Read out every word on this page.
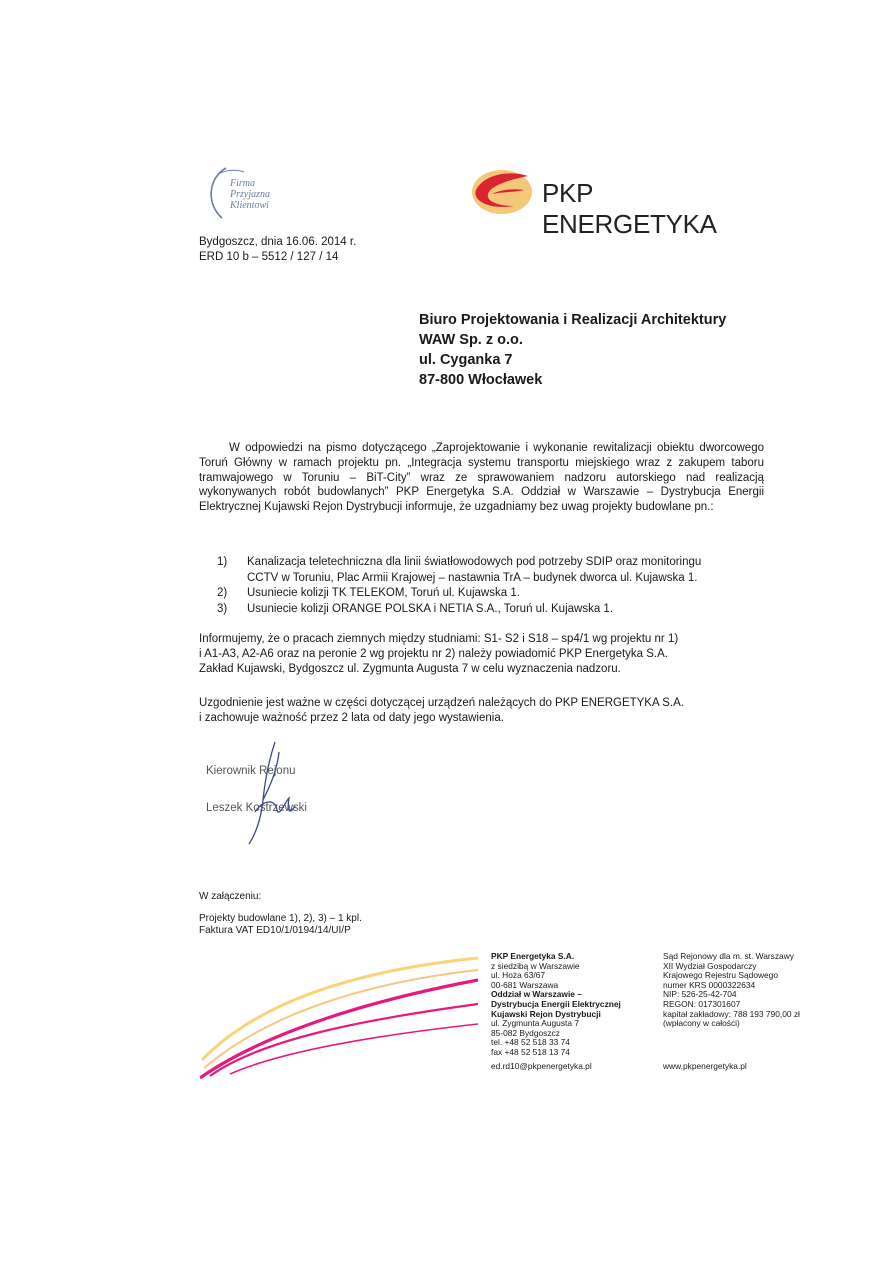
Firma
Przyjazna
Klientowi	PKP ENERGETYKA
Bydgoszcz, dnia 16.06. 2014 r.
ERD 10 b – 5512 / 127 / 14
Biuro Projektowania i Realizacji Architektury
WAW Sp. z o.o.
ul. Cyganka 7
87-800 Włocławek
W odpowiedzi na pismo dotyczącego „Zaprojektowanie i wykonanie rewitalizacji obiektu dworcowego Toruń Główny w ramach projektu pn. „Integracja systemu transportu miejskiego wraz z zakupem taboru tramwajowego w Toruniu – BiT-City” wraz ze sprawowaniem nadzoru autorskiego nad realizacją wykonywanych robót budowlanych” PKP Energetyka S.A. Oddział w Warszawie – Dystrybucja Energii Elektrycznej Kujawski Rejon Dystrybucji informuje, że uzgadniamy bez uwag projekty budowlane pn.:
1) Kanalizacja teletechniczna dla linii światłowodowych pod potrzeby SDIP oraz monitoringu
CCTV w Toruniu, Plac Armii Krajowej – nastawnia TrA – budynek dworca ul. Kujawska 1.
2) Usuniecie kolizji TK TELEKOM, Toruń ul. Kujawska 1.
3) Usuniecie kolizji ORANGE POLSKA i NETIA S.A., Toruń ul. Kujawska 1.
Informujemy, że o pracach ziemnych między studniami: S1- S2 i S18 – sp4/1 wg projektu nr 1)
i A1-A3, A2-A6 oraz na peronie 2 wg projektu nr 2) należy powiadomić PKP Energetyka S.A.
Zakład Kujawski, Bydgoszcz ul. Zygmunta Augusta 7 w celu wyznaczenia nadzoru.
Uzgodnienie jest ważne w części dotyczącej urządzeń należących do PKP ENERGETYKA S.A.
i zachowuje ważność przez 2 lata od daty jego wystawienia.
Kierownik Rejonu
Leszek Kostrzewski
W załączeniu:
Projekty budowlane 1), 2), 3) – 1 kpl.
Faktura VAT ED10/1/0194/14/UI/P
PKP Energetyka S.A.
z siedzibą w Warszawie
ul. Hoża 63/67
00-681 Warszawa
Oddział w Warszawie –
Dystrybucja Energii Elektrycznej
Kujawski Rejon Dystrybucji
ul. Zygmunta Augusta 7
85-082 Bydgoszcz
tel. +48 52 518 33 74
fax +48 52 518 13 74
ed.rd10@pkpenergetyka.pl
Sąd Rejonowy dla m. st. Warszawy
XII Wydział Gospodarczy
Krajowego Rejestru Sądowego
numer KRS 0000322634
NIP: 526-25-42-704
REGON: 017301607
kapitał zakładowy: 788 193 790,00 zł
(wpłacony w całości)
www.pkpenergetyka.pl
